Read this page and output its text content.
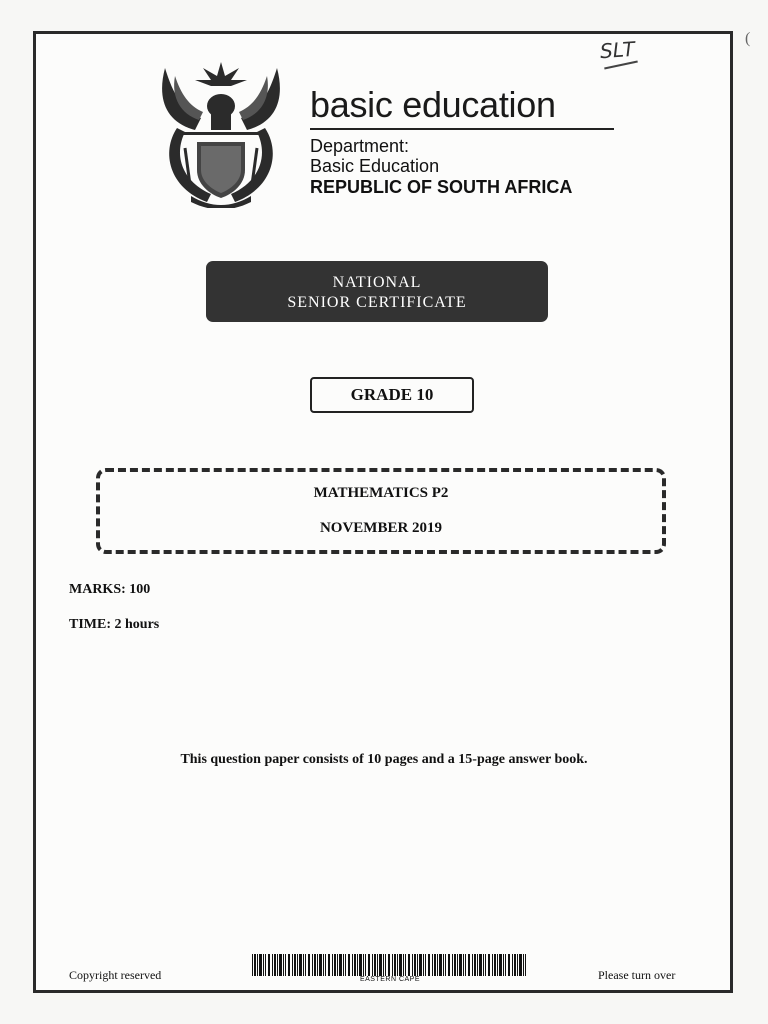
SLT	(
basic education
Department:
Basic Education
REPUBLIC OF SOUTH AFRICA
NATIONAL
SENIOR CERTIFICATE
GRADE 10
MATHEMATICS P2
NOVEMBER 2019
MARKS: 100
TIME: 2 hours
This question paper consists of 10 pages and a 15-page answer book.
Copyright reserved	EASTERN CAPE	Please turn over
